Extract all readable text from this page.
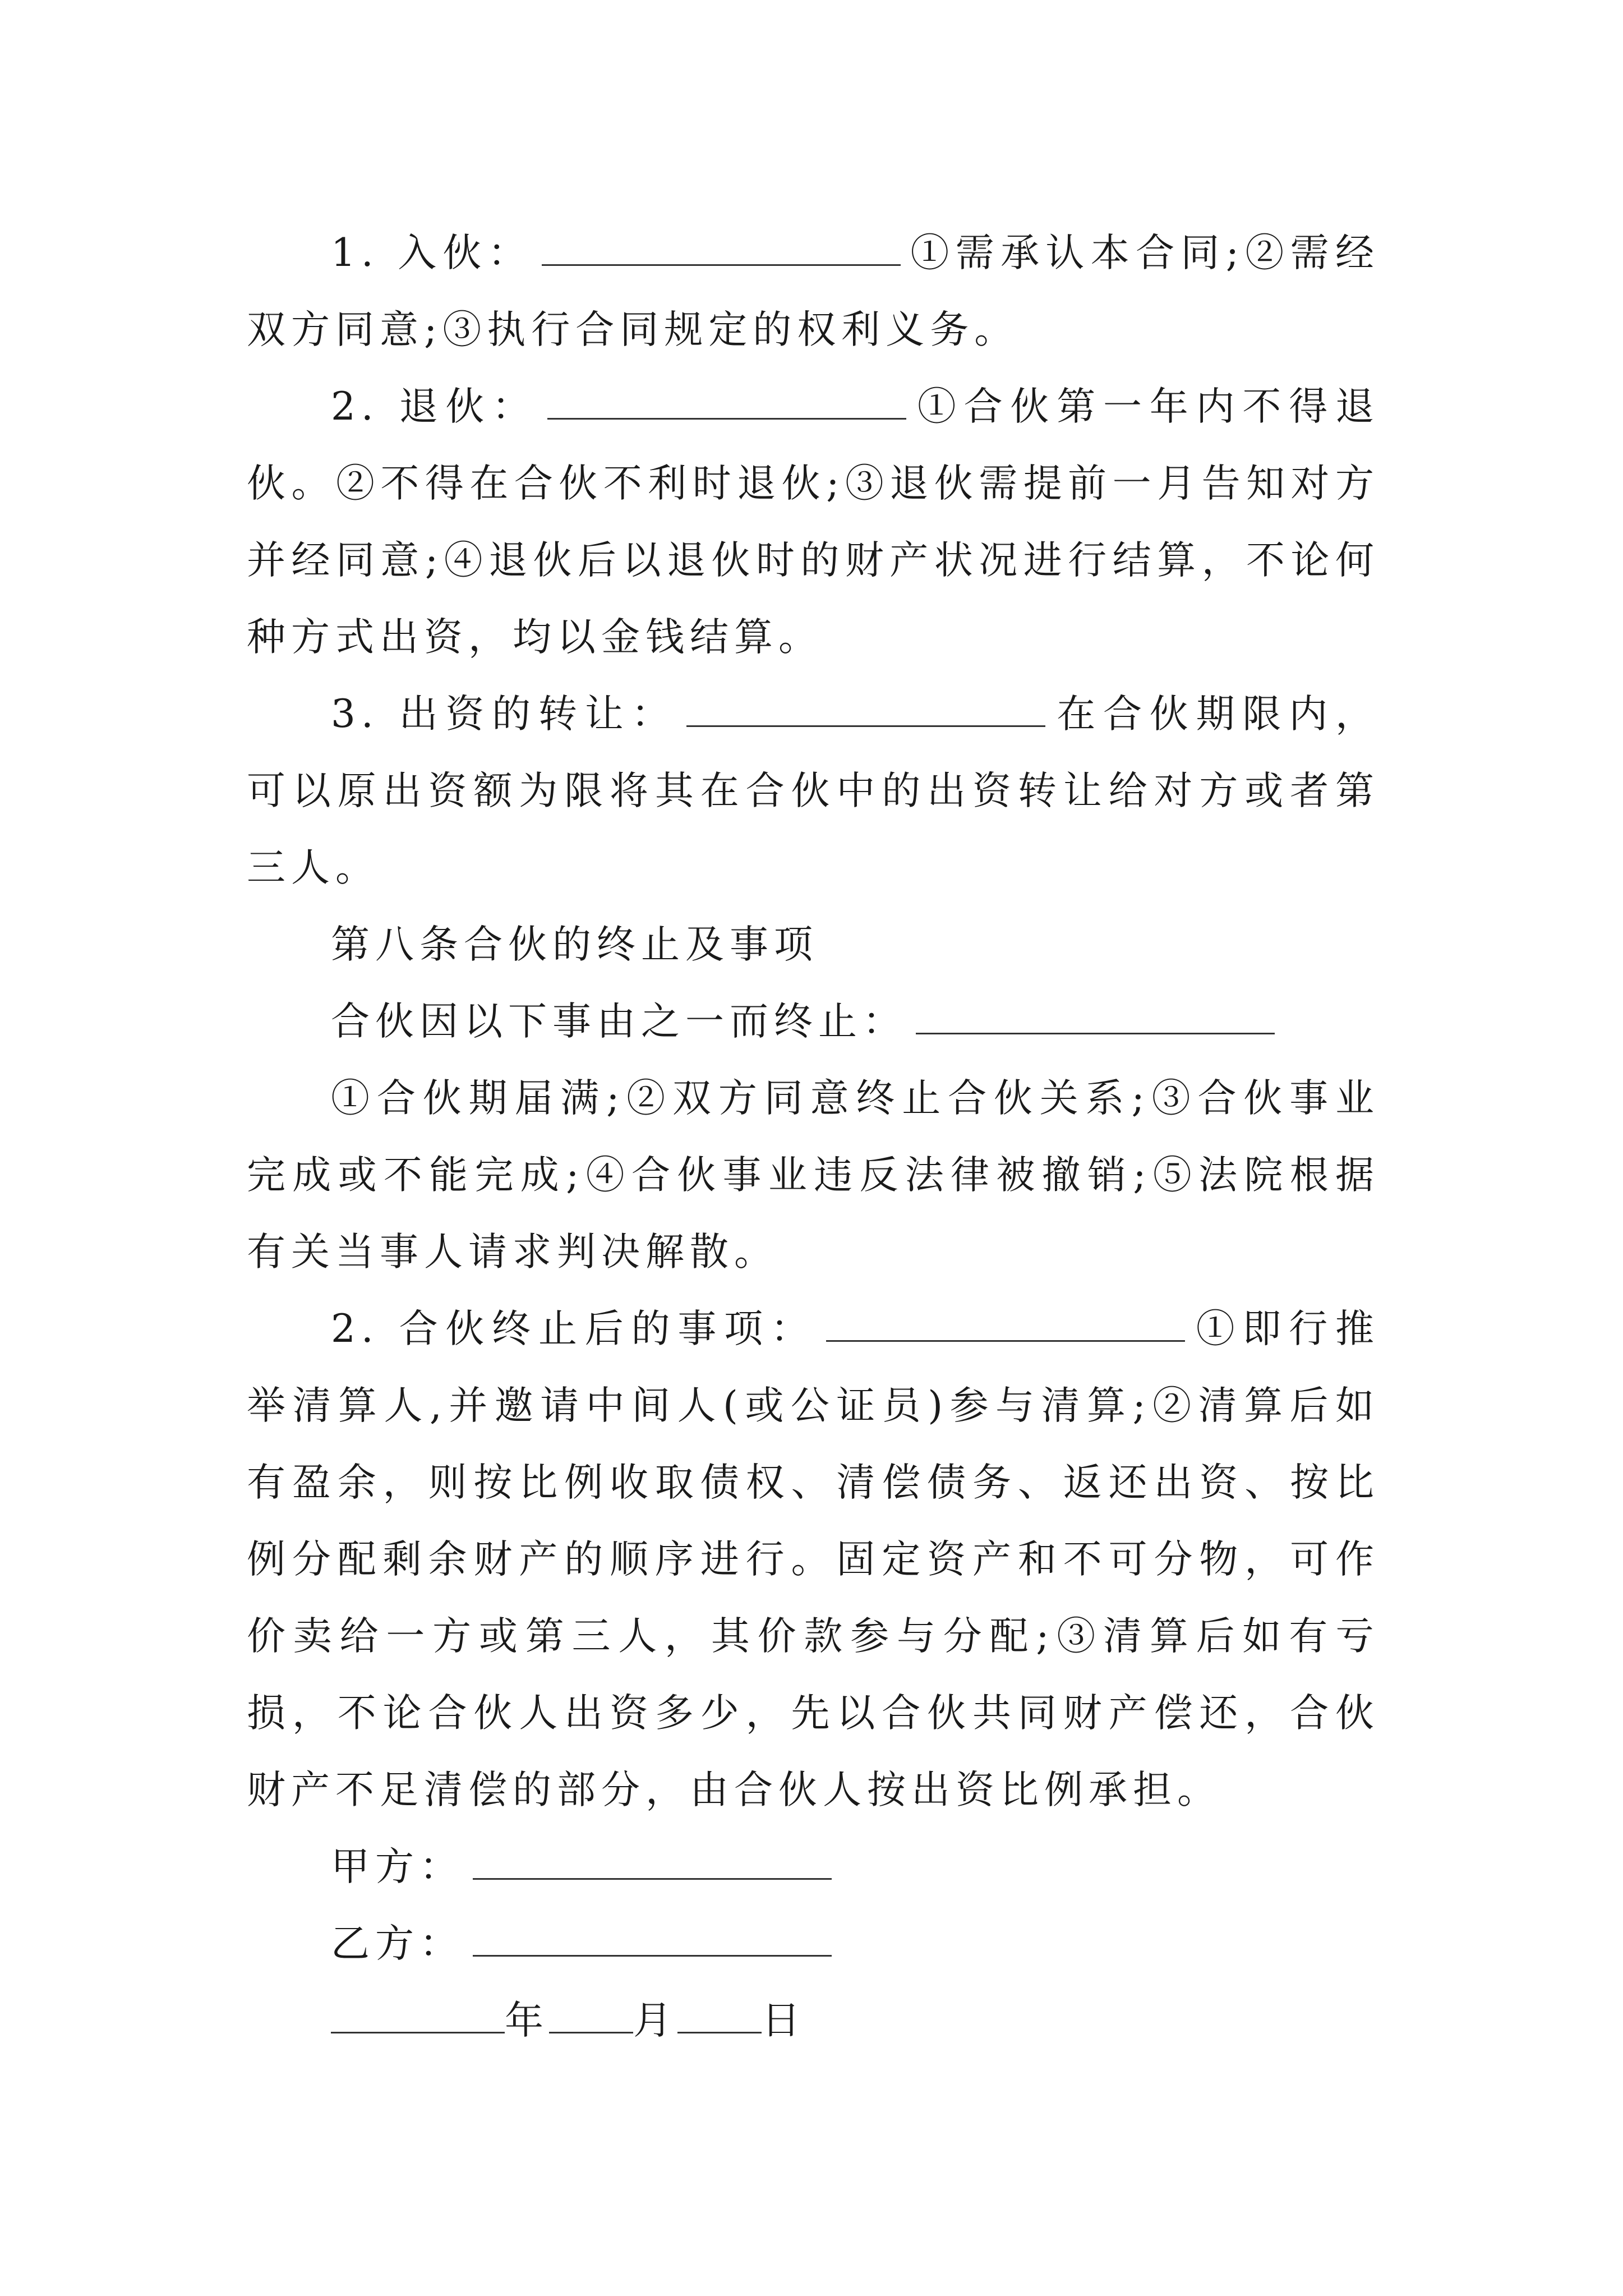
1. 入伙：	①需承认本合同;②需经双方同意;③执行合同规定的权利义务。

2. 退伙：	①合伙第一年内不得退伙。②不得在合伙不利时退伙;③退伙需提前一月告知对方并经同意;④退伙后以退伙时的财产状况进行结算，不论何种方式出资，均以金钱结算。

3. 出资的转让：	在合伙期限内，可以原出资额为限将其在合伙中的出资转让给对方或者第三人。

第八条合伙的终止及事项

合伙因以下事由之一而终止：

①合伙期届满;②双方同意终止合伙关系;③合伙事业完成或不能完成;④合伙事业违反法律被撤销;⑤法院根据有关当事人请求判决解散。

2. 合伙终止后的事项：	①即行推举清算人,并邀请中间人(或公证员)参与清算;②清算后如有盈余，则按比例收取债权、清偿债务、返还出资、按比例分配剩余财产的顺序进行。固定资产和不可分物，可作价卖给一方或第三人，其价款参与分配;③清算后如有亏损，不论合伙人出资多少，先以合伙共同财产偿还，合伙财产不足清偿的部分，由合伙人按出资比例承担。

甲方：

乙方：

年 月 日
